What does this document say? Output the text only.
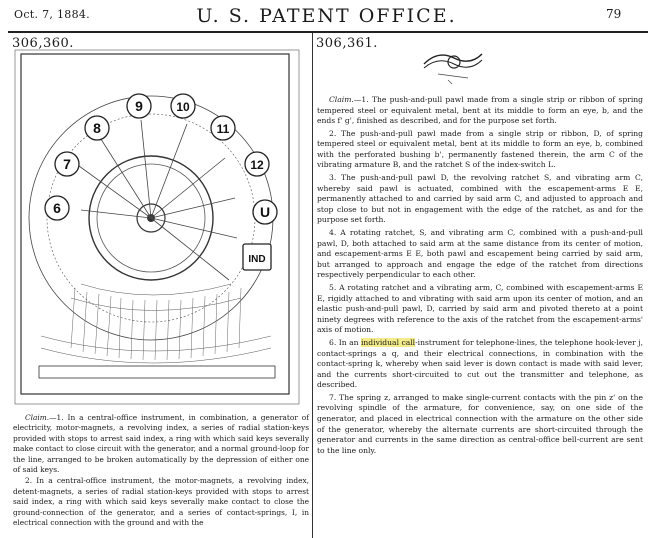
Oct. 7, 1884.	U. S. PATENT OFFICE.	79
306,360.	306,361.
7
8
9	10
11
12
6	U
IND

Claim.—1. The push-and-pull pawl made from a single strip or ribbon of spring tempered steel or equivalent metal, bent at its middle to form an eye, b, and the ends f' g', finished as described, and for the purpose set forth.

2. The push-and-pull pawl made from a single strip or ribbon, D, of spring tempered steel or equivalent metal, bent at its middle to form an eye, b, combined with the perforated bushing b', permanently fastened therein, the arm C of the vibrating armature B, and the ratchet S of the index-switch L.

3. The push-and-pull pawl D, the revolving ratchet S, and vibrating arm C, whereby said pawl is actuated, combined with the escapement-arms E E, permanently attached to and carried by said arm C, and adjusted to approach and stop close to but not in engagement with the edge of the ratchet, as and for the purpose set forth.

4. A rotating ratchet, S, and vibrating arm C, combined with a push-and-pull pawl, D, both attached to said arm at the same distance from its center of motion, and escapement-arms E E, both pawl and escapement being carried by said arm, but arranged to approach and engage the edge of the ratchet from directions respectively perpendicular to each other.

5. A rotating ratchet and a vibrating arm, C, combined with escapement-arms E E, rigidly attached to and vibrating with said arm upon its center of motion, and an elastic push-and-pull pawl, D, carried by said arm and pivoted thereto at a point ninety degrees with reference to the axis of the ratchet from the escapement-arms' axis of motion.

6. In an individual call-instrument for telephone-lines, the telephone hook-lever j, contact-springs a q, and their electrical connections, in combination with the contact-spring k, whereby when said lever is down contact is made with said lever, and the currents short-circuited to cut out the transmitter and telephone, as described.

7. The spring z, arranged to make single-current contacts with the pin z' on the revolving spindle of the armature, for convenience, say, on one side of the generator, and placed in electrical connection with the armature on the other side of the generator, whereby the alternate currents are short-circuited through the generator and currents in the same direction as central-office bell-current are sent to the line only.

Claim.—1. In a central-office instrument, in combination, a generator of electricity, motor-magnets, a revolving index, a series of radial station-keys provided with stops to arrest said index, a ring with which said keys severally make contact to close circuit with the generator, and a normal ground-loop for the line, arranged to be broken automatically by the depression of either one of said keys.

2. In a central-office instrument, the motor-magnets, a revolving index, detent-magnets, a series of radial station-keys provided with stops to arrest said index, a ring with which said keys severally make contact to close the ground-connection of the generator, and a series of contact-springs, I, in electrical connection with the ground and with the
